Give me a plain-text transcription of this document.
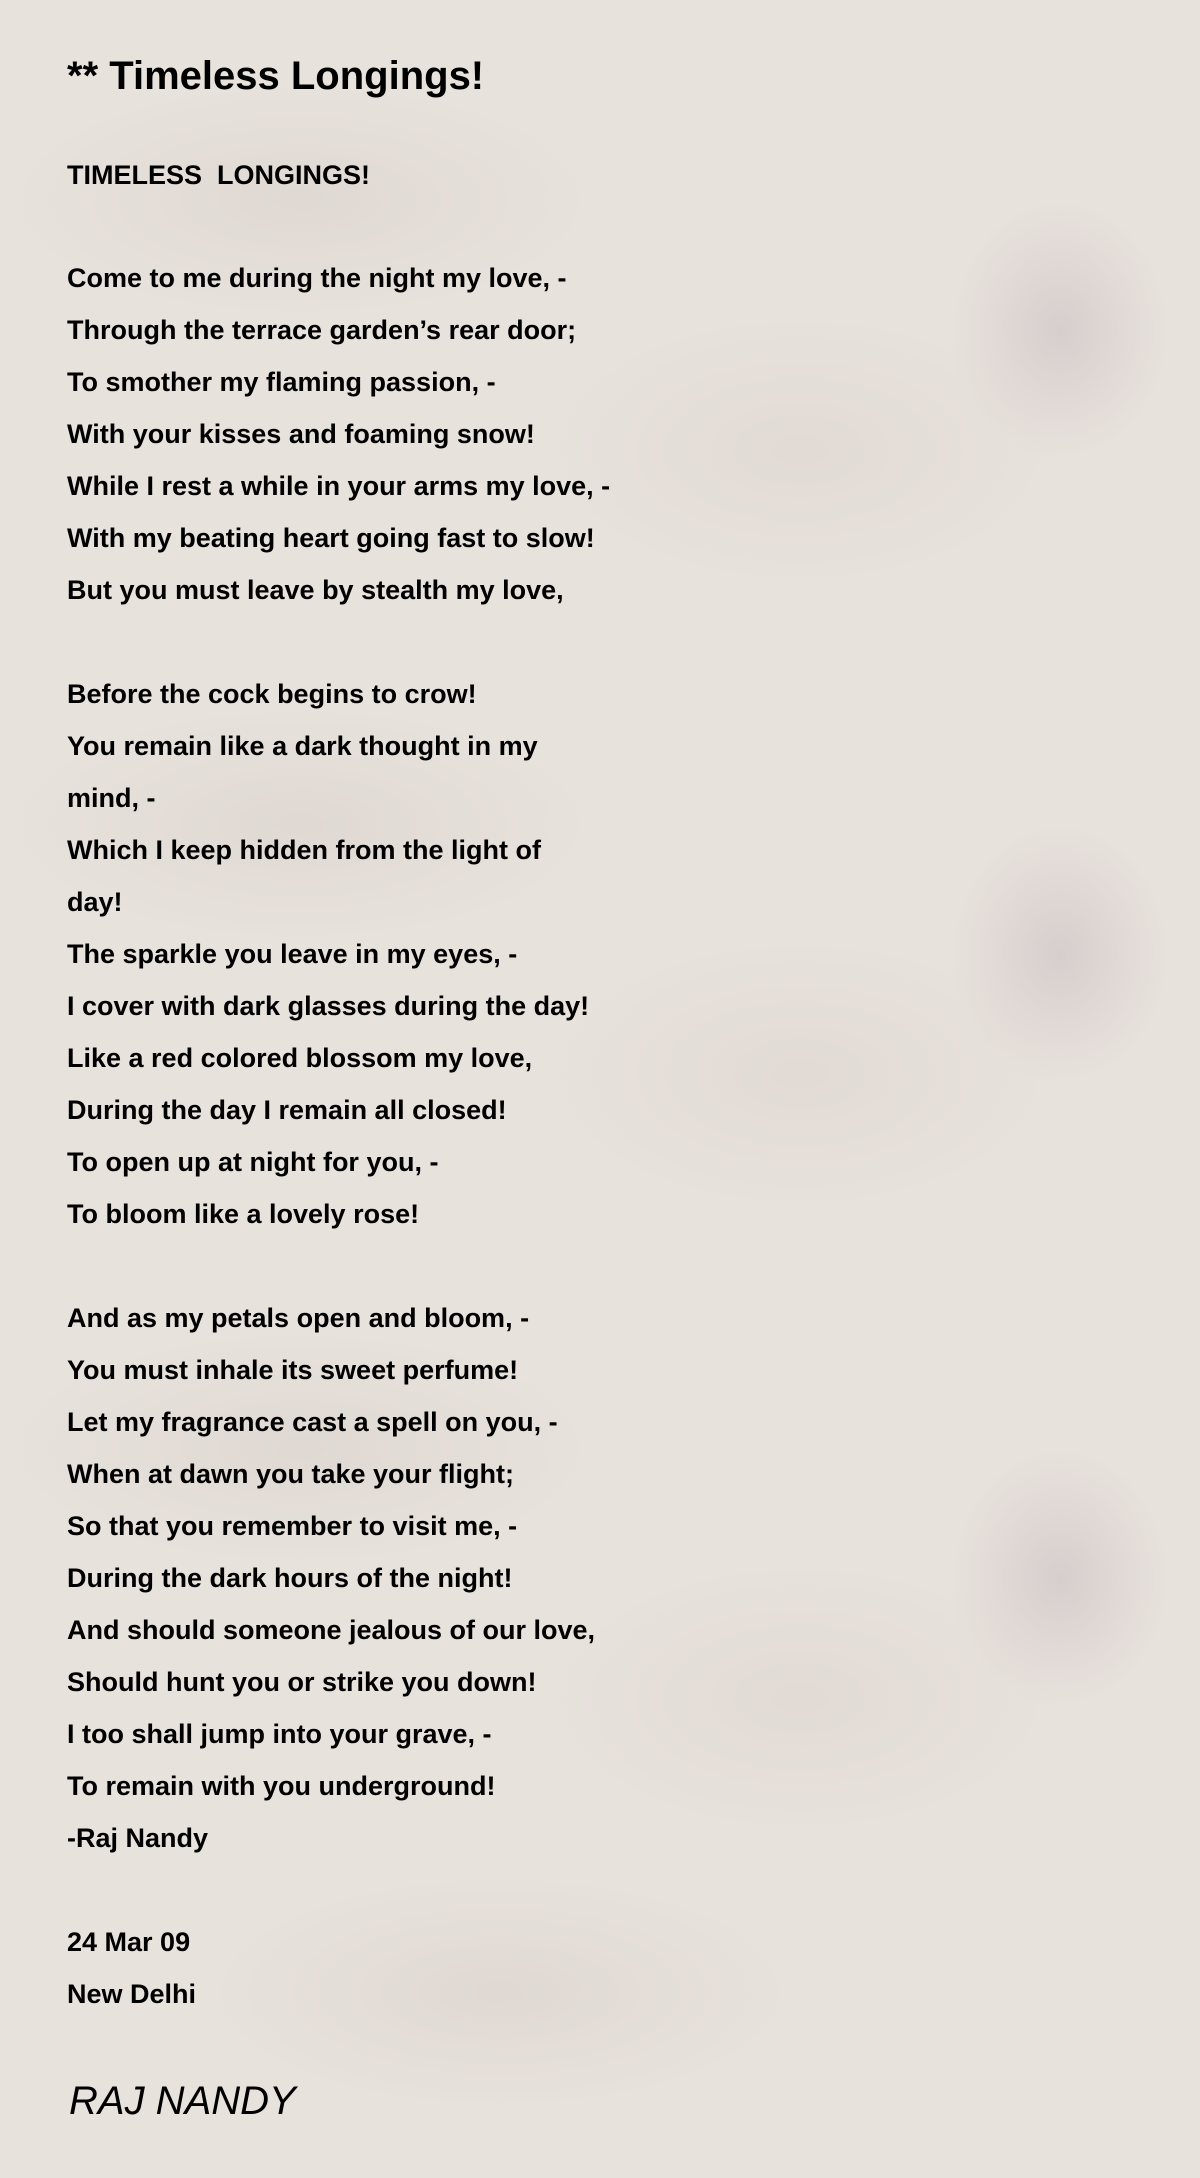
** Timeless Longings!
TIMELESS  LONGINGS!
Come to me during the night my love, -
Through the terrace garden’s rear door;
To smother my flaming passion, -
With your kisses and foaming snow!
While I rest a while in your arms my love, -
With my beating heart going fast to slow!
But you must leave by stealth my love,
Before the cock begins to crow!
You remain like a dark thought in my
mind, -
Which I keep hidden from the light of
day!
The sparkle you leave in my eyes, -
I cover with dark glasses during the day!
Like a red colored blossom my love,
During the day I remain all closed!
To open up at night for you, -
To bloom like a lovely rose!
And as my petals open and bloom, -
You must inhale its sweet perfume!
Let my fragrance cast a spell on you, -
When at dawn you take your flight;
So that you remember to visit me, -
During the dark hours of the night!
And should someone jealous of our love,
Should hunt you or strike you down!
I too shall jump into your grave, -
To remain with you underground!
-Raj Nandy
24 Mar 09
New Delhi
RAJ NANDY
